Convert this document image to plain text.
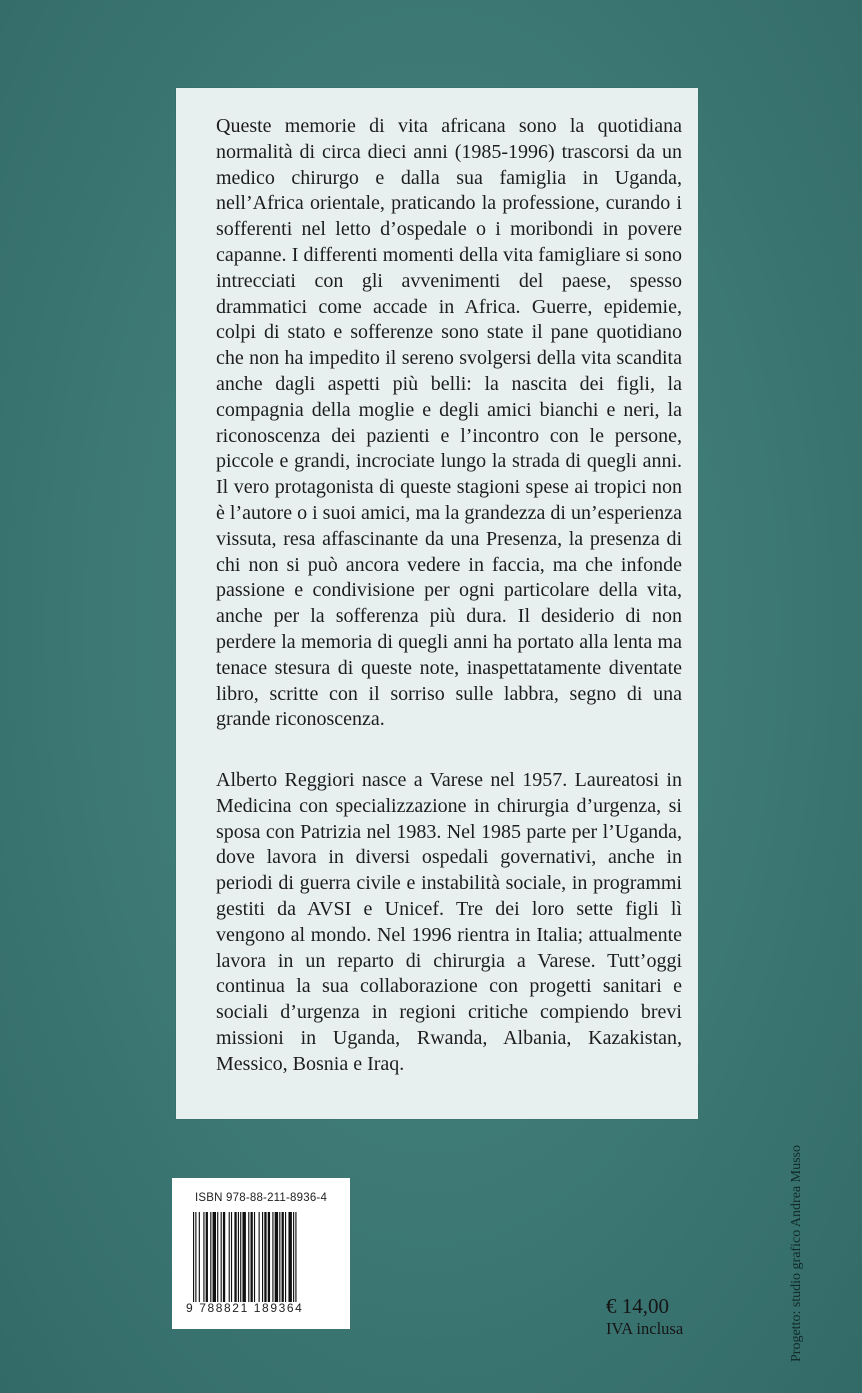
Queste memorie di vita africana sono la quotidiana normalità di circa dieci anni (1985-1996) trascorsi da un medico chirurgo e dalla sua famiglia in Uganda, nell’Africa orientale, praticando la professione, curando i sofferenti nel letto d’ospedale o i moribondi in povere capanne. I differenti momenti della vita famigliare si sono intrecciati con gli avvenimenti del paese, spesso drammatici come accade in Africa. Guerre, epidemie, colpi di stato e sofferenze sono state il pane quotidiano che non ha impedito il sereno svolgersi della vita scandita anche dagli aspetti più belli: la nascita dei figli, la compagnia della moglie e degli amici bianchi e neri, la riconoscenza dei pazienti e l’incontro con le persone, piccole e grandi, incrociate lungo la strada di quegli anni. Il vero protagonista di queste stagioni spese ai tropici non è l’autore o i suoi amici, ma la grandezza di un’esperienza vissuta, resa affascinante da una Presenza, la presenza di chi non si può ancora vedere in faccia, ma che infonde passione e condivisione per ogni particolare della vita, anche per la sofferenza più dura. Il desiderio di non perdere la memoria di quegli anni ha portato alla lenta ma tenace stesura di queste note, inaspettatamente diventate libro, scritte con il sorriso sulle labbra, segno di una grande riconoscenza.

Alberto Reggiori nasce a Varese nel 1957. Laureatosi in Medicina con specializzazione in chirurgia d’urgenza, si sposa con Patrizia nel 1983. Nel 1985 parte per l’Uganda, dove lavora in diversi ospedali governativi, anche in periodi di guerra civile e instabilità sociale, in programmi gestiti da AVSI e Unicef. Tre dei loro sette figli lì vengono al mondo. Nel 1996 rientra in Italia; attualmente lavora in un reparto di chirurgia a Varese. Tutt’oggi continua la sua collaborazione con progetti sanitari e sociali d’urgenza in regioni critiche compiendo brevi missioni in Uganda, Rwanda, Albania, Kazakistan, Messico, Bosnia e Iraq.

ISBN 978-88-211-8936-4
9 788821 189364	€ 14,00
IVA inclusa	Progetto: studio grafico Andrea Musso
